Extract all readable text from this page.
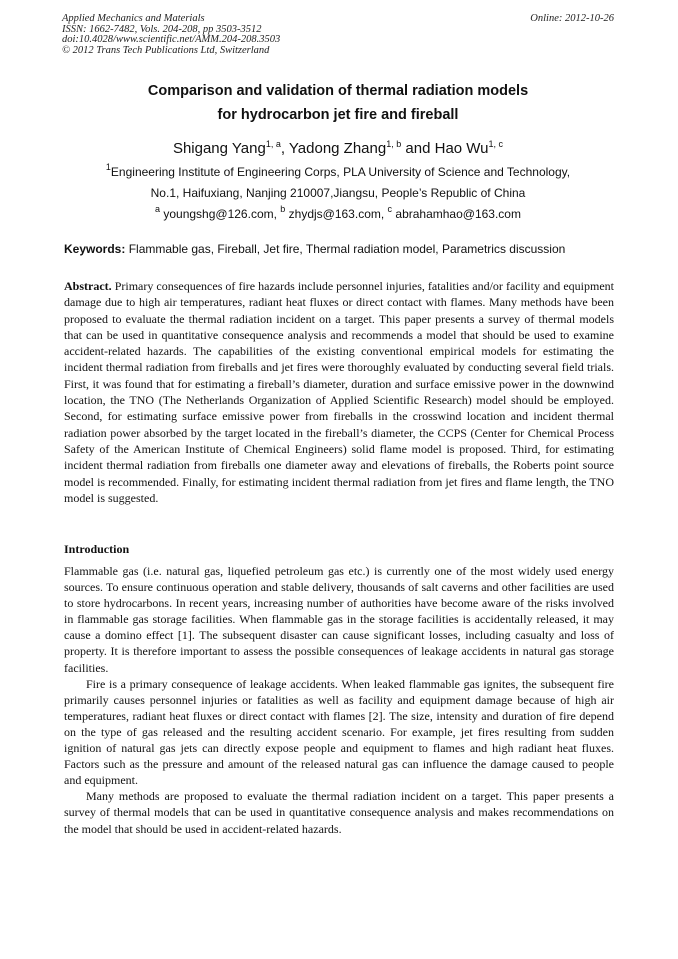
Applied Mechanics and Materials
ISSN: 1662-7482, Vols. 204-208, pp 3503-3512
doi:10.4028/www.scientific.net/AMM.204-208.3503
© 2012 Trans Tech Publications Ltd, Switzerland
Online: 2012-10-26
Comparison and validation of thermal radiation models
for hydrocarbon jet fire and fireball
Shigang Yang$^{1, a}$, Yadong Zhang$^{1, b}$ and Hao Wu$^{1, c}$
$^1$Engineering Institute of Engineering Corps, PLA University of Science and Technology,
No.1, Haifuxiang, Nanjing 210007,Jiangsu, People’s Republic of China
$^a$ youngshg@126.com, $^b$ zhydjs@163.com, $^c$ abrahamhao@163.com
Keywords: Flammable gas, Fireball, Jet fire, Thermal radiation model, Parametrics discussion

Abstract. Primary consequences of fire hazards include personnel injuries, fatalities and/or facility and equipment damage due to high air temperatures, radiant heat fluxes or direct contact with flames. Many methods have been proposed to evaluate the thermal radiation incident on a target. This paper presents a survey of thermal models that can be used in quantitative consequence analysis and recommends a model that should be used to examine accident-related hazards. The capabilities of the existing conventional empirical models for estimating the incident thermal radiation from fireballs and jet fires were thoroughly evaluated by conducting several field trials. First, it was found that for estimating a fireball’s diameter, duration and surface emissive power in the downwind location, the TNO (The Netherlands Organization of Applied Scientific Research) model should be employed. Second, for estimating surface emissive power from fireballs in the crosswind location and incident thermal radiation power absorbed by the target located in the fireball’s diameter, the CCPS (Center for Chemical Process Safety of the American Institute of Chemical Engineers) solid flame model is proposed. Third, for estimating incident thermal radiation from fireballs one diameter away and elevations of fireballs, the Roberts point source model is recommended. Finally, for estimating incident thermal radiation from jet fires and flame length, the TNO model is suggested.

Introduction

Flammable gas (i.e. natural gas, liquefied petroleum gas etc.) is currently one of the most widely used energy sources. To ensure continuous operation and stable delivery, thousands of salt caverns and other facilities are used to store hydrocarbons. In recent years, increasing number of authorities have become aware of the risks involved in flammable gas storage facilities. When flammable gas in the storage facilities is accidentally released, it may cause a domino effect [1]. The subsequent disaster can cause significant losses, including casualty and loss of property. It is therefore important to assess the possible consequences of leakage accidents in natural gas storage facilities.

Fire is a primary consequence of leakage accidents. When leaked flammable gas ignites, the subsequent fire primarily causes personnel injuries or fatalities as well as facility and equipment damage because of high air temperatures, radiant heat fluxes or direct contact with flames [2]. The size, intensity and duration of fire depend on the type of gas released and the resulting accident scenario. For example, jet fires resulting from sudden ignition of natural gas jets can directly expose people and equipment to flames and high radiant heat fluxes. Factors such as the pressure and amount of the released natural gas can influence the damage caused to people and equipment.

Many methods are proposed to evaluate the thermal radiation incident on a target. This paper presents a survey of thermal models that can be used in quantitative consequence analysis and makes recommendations on the model that should be used in accident-related hazards.
